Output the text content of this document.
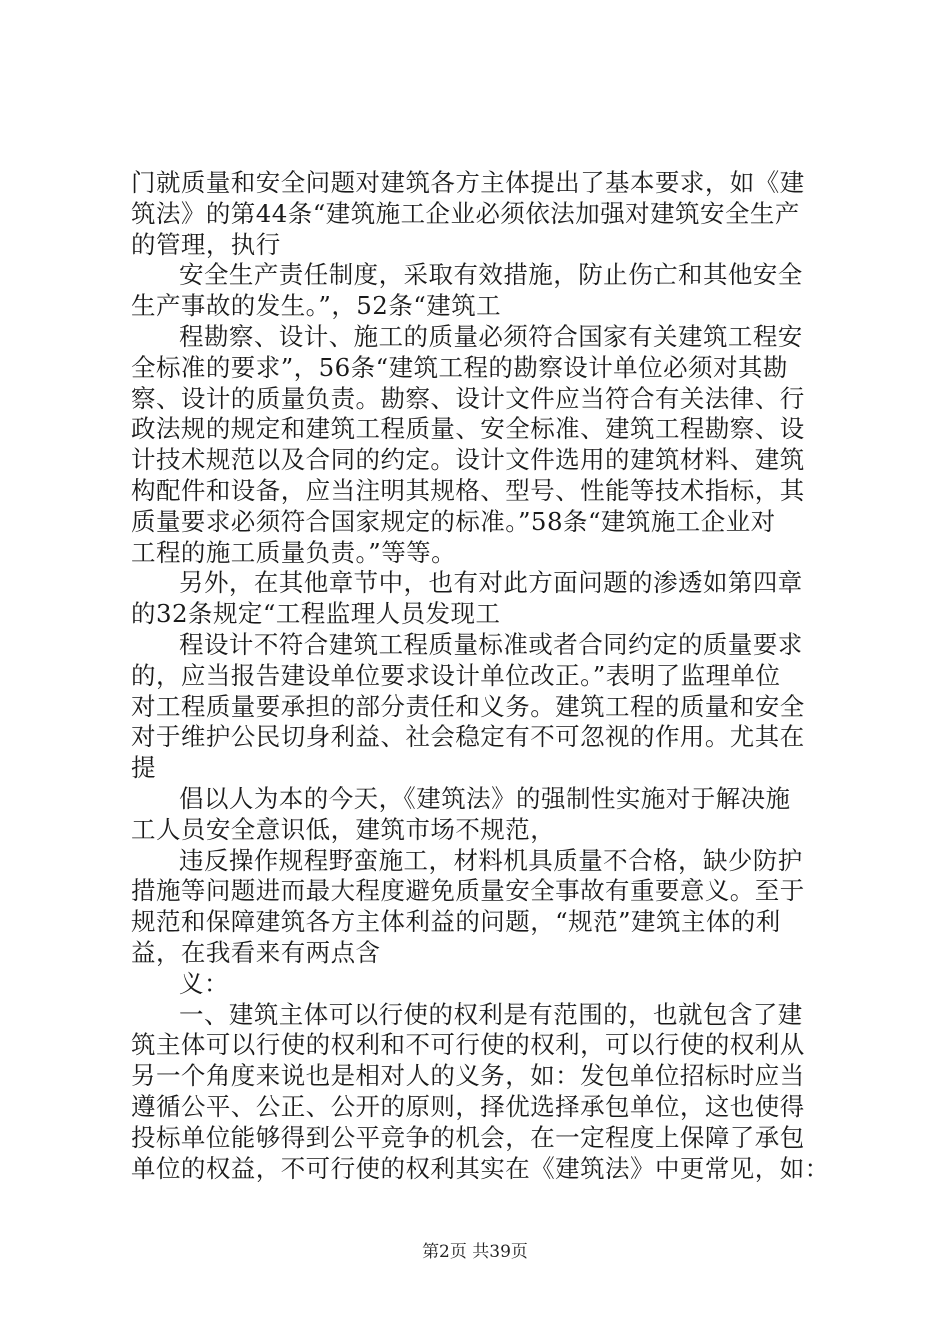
门就质量和安全问题对建筑各方主体提出了基本要求，如《建
筑法》的第44条“建筑施工企业必须依法加强对建筑安全生产
的管理，执行
安全生产责任制度，采取有效措施，防止伤亡和其他安全
生产事故的发生。”，52条“建筑工
程勘察、设计、施工的质量必须符合国家有关建筑工程安
全标准的要求”，56条“建筑工程的勘察设计单位必须对其勘
察、设计的质量负责。勘察、设计文件应当符合有关法律、行
政法规的规定和建筑工程质量、安全标准、建筑工程勘察、设
计技术规范以及合同的约定。设计文件选用的建筑材料、建筑
构配件和设备，应当注明其规格、型号、性能等技术指标，其
质量要求必须符合国家规定的标准。”58条“建筑施工企业对
工程的施工质量负责。”等等。
另外，在其他章节中，也有对此方面问题的渗透如第四章
的32条规定“工程监理人员发现工
程设计不符合建筑工程质量标准或者合同约定的质量要求
的，应当报告建设单位要求设计单位改正。”表明了监理单位
对工程质量要承担的部分责任和义务。建筑工程的质量和安全
对于维护公民切身利益、社会稳定有不可忽视的作用。尤其在
提
倡以人为本的今天，《建筑法》的强制性实施对于解决施
工人员安全意识低，建筑市场不规范，
违反操作规程野蛮施工，材料机具质量不合格，缺少防护
措施等问题进而最大程度避免质量安全事故有重要意义。至于
规范和保障建筑各方主体利益的问题，“规范”建筑主体的利
益，在我看来有两点含
义：
一、建筑主体可以行使的权利是有范围的，也就包含了建
筑主体可以行使的权利和不可行使的权利，可以行使的权利从
另一个角度来说也是相对人的义务，如：发包单位招标时应当
遵循公平、公正、公开的原则，择优选择承包单位，这也使得
投标单位能够得到公平竞争的机会，在一定程度上保障了承包
单位的权益，不可行使的权利其实在《建筑法》中更常见，如：
第2页 共39页
